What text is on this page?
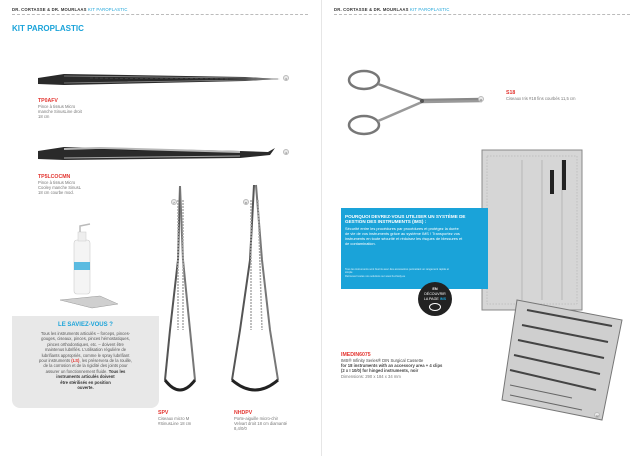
DR. CORTASSE & DR. MOURLAAS KIT PAROPLASTIC
KIT PAROPLASTIC
3
4
7	8
TP0AFV
Pince à tissus Micro
manche SinusLine droit
18 cm
TP5LCOCMN
Pince à tissus Micro
Cooley manche SinusL
18 cm courbe mod.
SPV
Ciseaux micro M
#SinusLine 18 cm
NHDPV
Porte-aiguille micro-chir
Velvart droit 18 cm diamanté
8,4/0/0
LE SAVIEZ-VOUS ?
Tous les instruments articulés – forceps, pinces-
gouges, ciseaux, pinces, pinces hémostatiques,
pinces orthodontiques, etc. – doivent être
maintenus lubrifiés. L'utilisation régulière de
lubrifiants appropriés, comme le spray lubrifiant
pour instruments (LS), les préservera de la rouille,
de la corrosion et de la rigidité des joints pour
assurer un fonctionnement fluide. Tous les
instruments articulés doivent
être stérilisés en position
ouverte.
DR. CORTASSE & DR. MOURLAAS KIT PAROPLASTIC
11
12
S18
Ciseaux Iris #18 fins courbés 11,5 cm
POURQUOI DEVREZ-VOUS UTILISER UN SYSTÈME DE
GESTION DES INSTRUMENTS (IMS) :
Sécurité entre les procédures par procédures et protégez la durée
de vie de vos instruments grâce au système IMS ! Transportez vos
instruments en toute sécurité et réduisez les risques de blessures et
de contamination.
Tous les instruments sont fournis avec des accessoires permettant un rangement rapide et simple
Retrouvez toutes nos solutions sur www.hu-friedy.eu
EN
DÉCOUVRIR
LA PAGE IMS
IMEDIN6075
IMS® Infinity Series® DIN Surgical Cassette
for 18 instruments with an accessory area + 4 clips
(2 x I 10/0) for hinged instruments, noir
Dimensions: 290 x 184 x 34 mm
